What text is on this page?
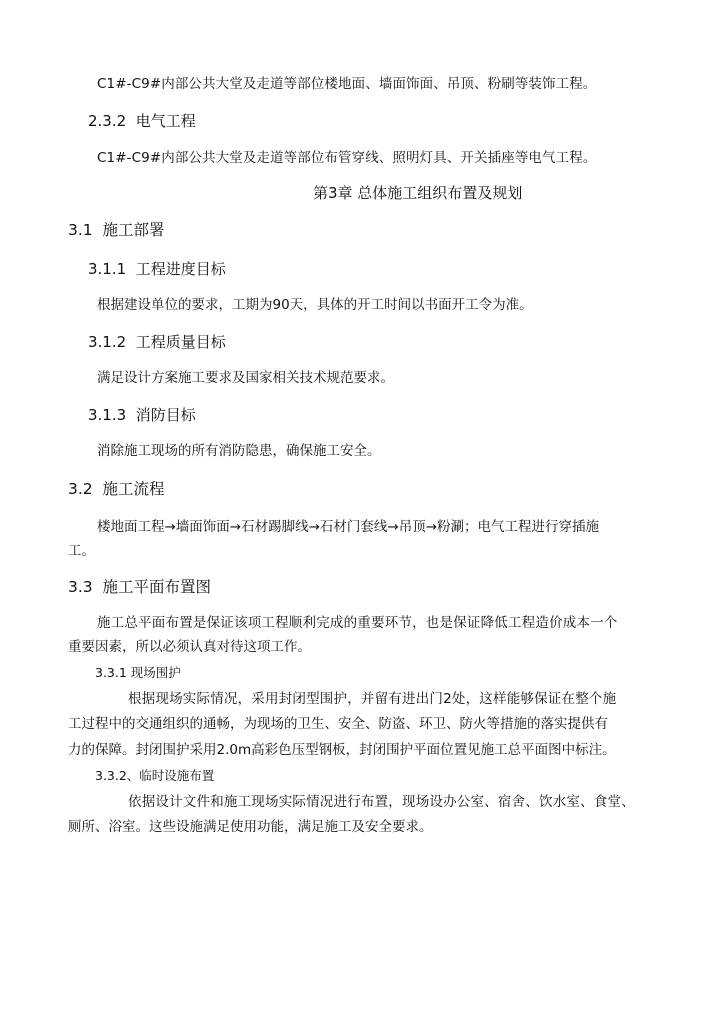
C1#-C9#内部公共大堂及走道等部位楼地面、墙面饰面、吊顶、粉刷等装饰工程。
2.3.2 电气工程
C1#-C9#内部公共大堂及走道等部位布管穿线、照明灯具、开关插座等电气工程。
第3章 总体施工组织布置及规划
3.1 施工部署
3.1.1 工程进度目标
根据建设单位的要求，工期为90天，具体的开工时间以书面开工令为准。
3.1.2 工程质量目标
满足设计方案施工要求及国家相关技术规范要求。
3.1.3 消防目标
消除施工现场的所有消防隐患，确保施工安全。
3.2 施工流程
楼地面工程→墙面饰面→石材踢脚线→石材门套线→吊顶→粉涮；电气工程进行穿插施
工。
3.3 施工平面布置图
施工总平面布置是保证该项工程顺利完成的重要环节，也是保证降低工程造价成本一个
重要因素，所以必须认真对待这项工作。
3.3.1 现场围护
根据现场实际情况，采用封闭型围护，并留有进出门2处，这样能够保证在整个施
工过程中的交通组织的通畅，为现场的卫生、安全、防盗、环卫、防火等措施的落实提供有
力的保障。封闭围护采用2.0m高彩色压型钢板，封闭围护平面位置见施工总平面图中标注。
3.3.2、临时设施布置
依据设计文件和施工现场实际情况进行布置，现场设办公室、宿舍、饮水室、食堂、
厕所、浴室。这些设施满足使用功能，满足施工及安全要求。
